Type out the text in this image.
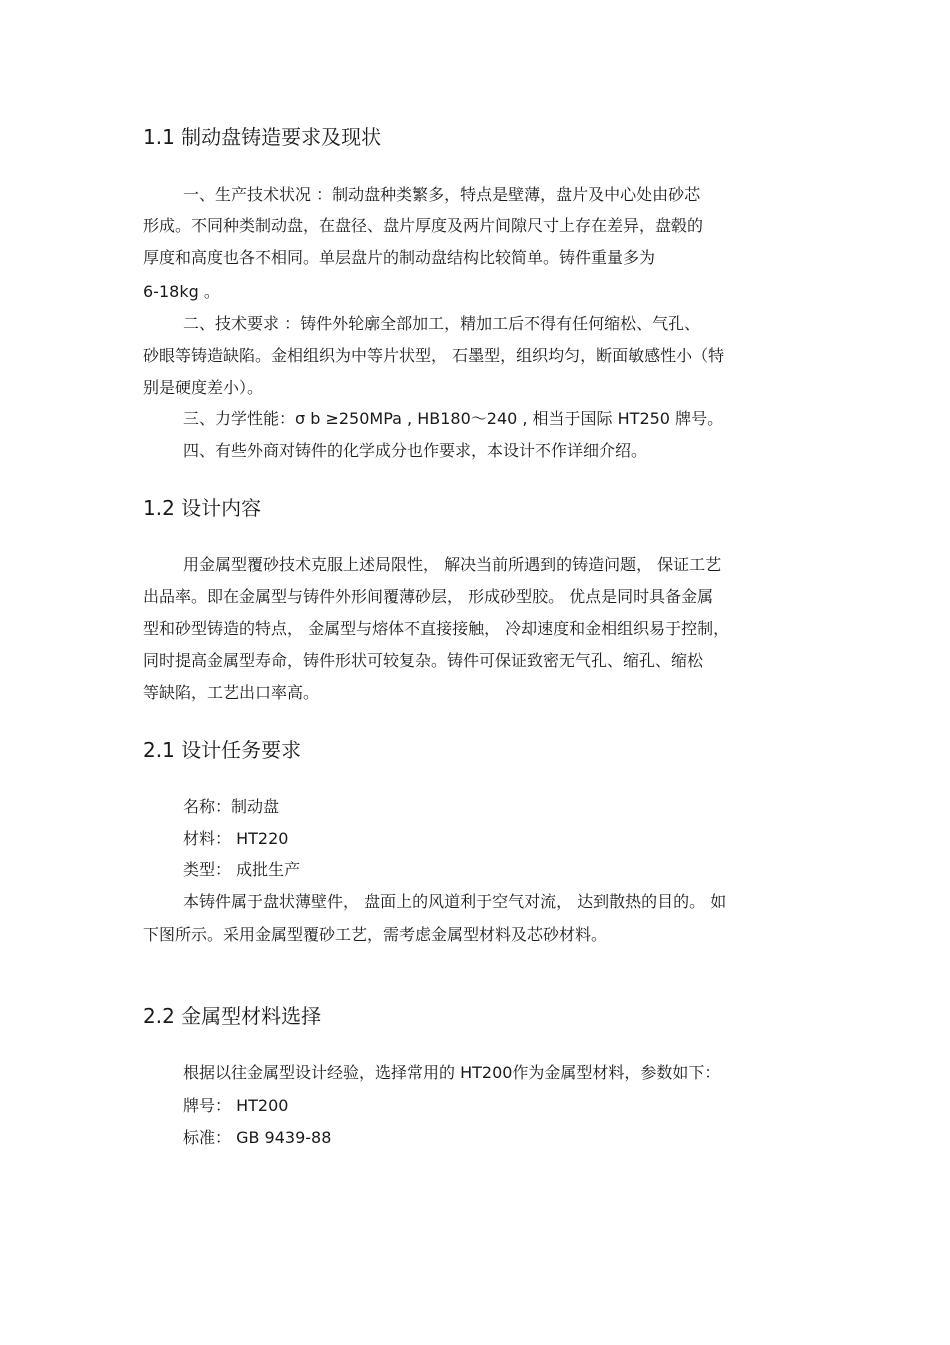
1.1 制动盘铸造要求及现状
一、生产技术状况 ：制动盘种类繁多，特点是壁薄，盘片及中心处由砂芯
形成。不同种类制动盘，在盘径、盘片厚度及两片间隙尺寸上存在差异，盘毂的
厚度和高度也各不相同。单层盘片的制动盘结构比较简单。铸件重量多为
6-18kg 。
二、技术要求 ：铸件外轮廓全部加工，精加工后不得有任何缩松、气孔、
砂眼等铸造缺陷。金相组织为中等片状型， 石墨型，组织均匀，断面敏感性小（特
别是硬度差小）。
三、力学性能：σ b ≥250MPa , HB180～240 , 相当于国际 HT250 牌号。
四、有些外商对铸件的化学成分也作要求，本设计不作详细介绍。
1.2 设计内容
用金属型覆砂技术克服上述局限性， 解决当前所遇到的铸造问题， 保证工艺
出品率。即在金属型与铸件外形间覆薄砂层， 形成砂型胶。 优点是同时具备金属
型和砂型铸造的特点， 金属型与熔体不直接接触， 冷却速度和金相组织易于控制，
同时提高金属型寿命，铸件形状可较复杂。铸件可保证致密无气孔、缩孔、缩松
等缺陷，工艺出口率高。
2.1 设计任务要求
名称：制动盘
材料： HT220
类型： 成批生产
本铸件属于盘状薄壁件， 盘面上的风道利于空气对流， 达到散热的目的。 如
下图所示。采用金属型覆砂工艺，需考虑金属型材料及芯砂材料。
2.2 金属型材料选择
根据以往金属型设计经验，选择常用的 HT200作为金属型材料，参数如下：
牌号： HT200
标准： GB 9439-88
